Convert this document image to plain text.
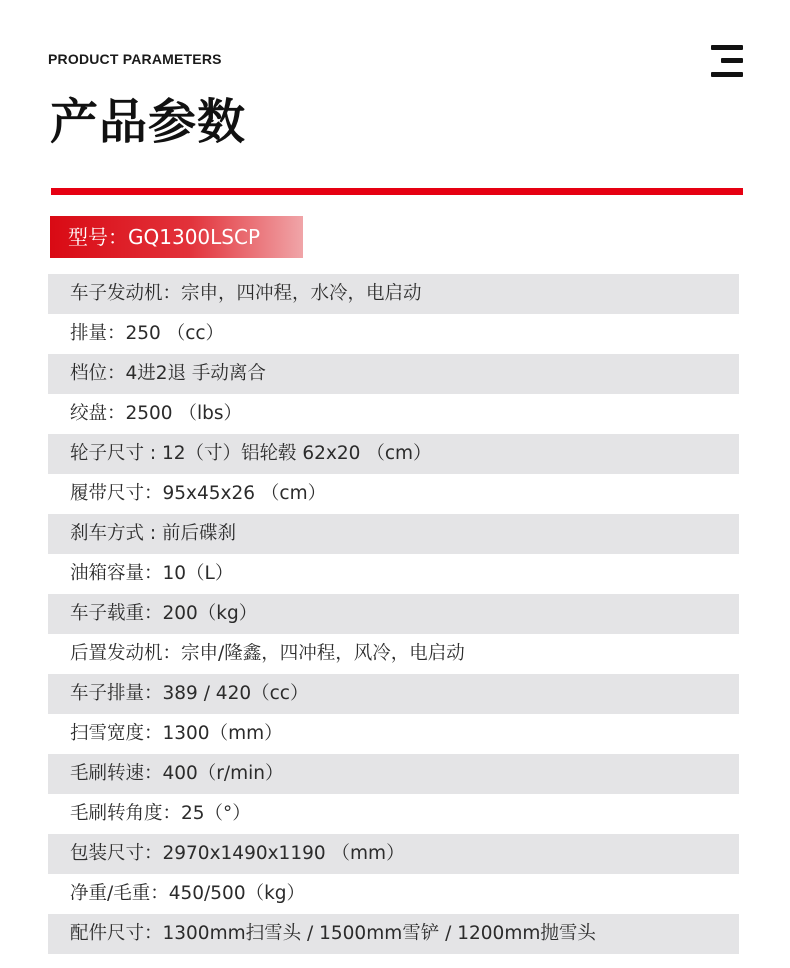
PRODUCT PARAMETERS
产品参数
型号：GQ1300LSCP
车子发动机：宗申，四冲程，水冷，电启动
排量：250 （cc）
档位：4进2退 手动离合
绞盘：2500 （lbs）
轮子尺寸 : 12（寸）铝轮毂 62x20 （cm）
履带尺寸：95x45x26 （cm）
刹车方式 : 前后碟刹
油箱容量：10（L）
车子载重：200（kg）
后置发动机：宗申/隆鑫，四冲程，风冷，电启动
车子排量：389 / 420（cc）
扫雪宽度：1300（mm）
毛刷转速：400（r/min）
毛刷转角度：25（°）
包装尺寸：2970x1490x1190 （mm）
净重/毛重：450/500（kg）
配件尺寸：1300mm扫雪头 / 1500mm雪铲 / 1200mm抛雪头
